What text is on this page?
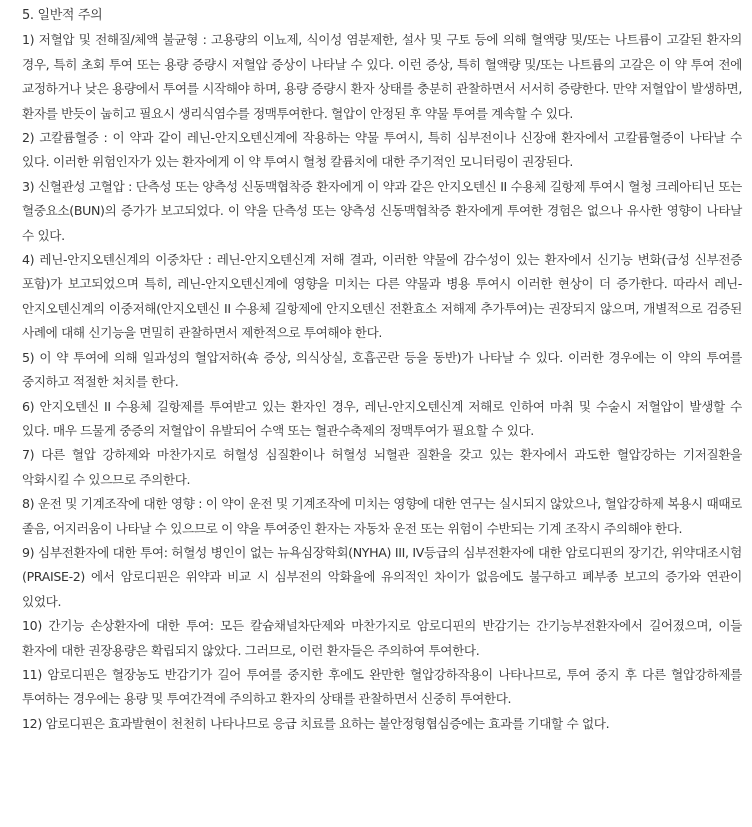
5. 일반적 주의

1) 저혈압 및 전해질/체액 불균형 : 고용량의 이뇨제, 식이성 염분제한, 설사 및 구토 등에 의해 혈액량 및/또는 나트륨이 고갈된 환자의 경우, 특히 초회 투여 또는 용량 증량시 저혈압 증상이 나타날 수 있다. 이런 증상, 특히 혈액량 및/또는 나트륨의 고갈은 이 약 투여 전에 교정하거나 낮은 용량에서 투여를 시작해야 하며, 용량 증량시 환자 상태를 충분히 관찰하면서 서서히 증량한다. 만약 저혈압이 발생하면, 환자를 반듯이 눕히고 필요시 생리식염수를 정맥투여한다. 혈압이 안정된 후 약물 투여를 계속할 수 있다.

2) 고칼륨혈증 : 이 약과 같이 레닌-안지오텐신계에 작용하는 약물 투여시, 특히 심부전이나 신장애 환자에서 고칼륨혈증이 나타날 수 있다. 이러한 위험인자가 있는 환자에게 이 약 투여시 혈청 칼륨치에 대한 주기적인 모니터링이 권장된다.

3) 신혈관성 고혈압 : 단측성 또는 양측성 신동맥협착증 환자에게 이 약과 같은 안지오텐신 II 수용체 길항제 투여시 혈청 크레아티닌 또는 혈중요소(BUN)의 증가가 보고되었다. 이 약을 단측성 또는 양측성 신동맥협착증 환자에게 투여한 경험은 없으나 유사한 영향이 나타날 수 있다.

4) 레닌-안지오텐신계의 이중차단 : 레닌-안지오텐신계 저해 결과, 이러한 약물에 감수성이 있는 환자에서 신기능 변화(급성 신부전증 포함)가 보고되었으며 특히, 레닌-안지오텐신계에 영향을 미치는 다른 약물과 병용 투여시 이러한 현상이 더 증가한다. 따라서 레닌-안지오텐신계의 이중저해(안지오텐신 II 수용체 길항제에 안지오텐신 전환효소 저해제 추가투여)는 권장되지 않으며, 개별적으로 검증된 사례에 대해 신기능을 면밀히 관찰하면서 제한적으로 투여해야 한다.

5) 이 약 투여에 의해 일과성의 혈압저하(쇽 증상, 의식상실, 호흡곤란 등을 동반)가 나타날 수 있다. 이러한 경우에는 이 약의 투여를 중지하고 적절한 처치를 한다.

6) 안지오텐신 II 수용체 길항제를 투여받고 있는 환자인 경우, 레닌-안지오텐신계 저해로 인하여 마취 및 수술시 저혈압이 발생할 수 있다. 매우 드물게 중증의 저혈압이 유발되어 수액 또는 혈관수축제의 정맥투여가 필요할 수 있다.

7) 다른 혈압 강하제와 마찬가지로 허혈성 심질환이나 허혈성 뇌혈관 질환을 갖고 있는 환자에서 과도한 혈압강하는 기저질환을 악화시킬 수 있으므로 주의한다.

8) 운전 및 기계조작에 대한 영향 : 이 약이 운전 및 기계조작에 미치는 영향에 대한 연구는 실시되지 않았으나, 혈압강하제 복용시 때때로 졸음, 어지러움이 나타날 수 있으므로 이 약을 투여중인 환자는 자동차 운전 또는 위험이 수반되는 기계 조작시 주의해야 한다.

9) 심부전환자에 대한 투여: 허혈성 병인이 없는 뉴욕심장학회(NYHA) III, IV등급의 심부전환자에 대한 암로디핀의 장기간, 위약대조시험 (PRAISE-2) 에서 암로디핀은 위약과 비교 시 심부전의 악화율에 유의적인 차이가 없음에도 불구하고 폐부종 보고의 증가와 연관이 있었다.

10) 간기능 손상환자에 대한 투여: 모든 칼슘채널차단제와 마찬가지로 암로디핀의 반감기는 간기능부전환자에서 길어졌으며, 이들 환자에 대한 권장용량은 확립되지 않았다. 그러므로, 이런 환자들은 주의하여 투여한다.

11) 암로디핀은 혈장농도 반감기가 길어 투여를 중지한 후에도 완만한 혈압강하작용이 나타나므로, 투여 중지 후 다른 혈압강하제를 투여하는 경우에는 용량 및 투여간격에 주의하고 환자의 상태를 관찰하면서 신중히 투여한다.

12) 암로디핀은 효과발현이 천천히 나타나므로 응급 치료를 요하는 불안정형협심증에는 효과를 기대할 수 없다.
